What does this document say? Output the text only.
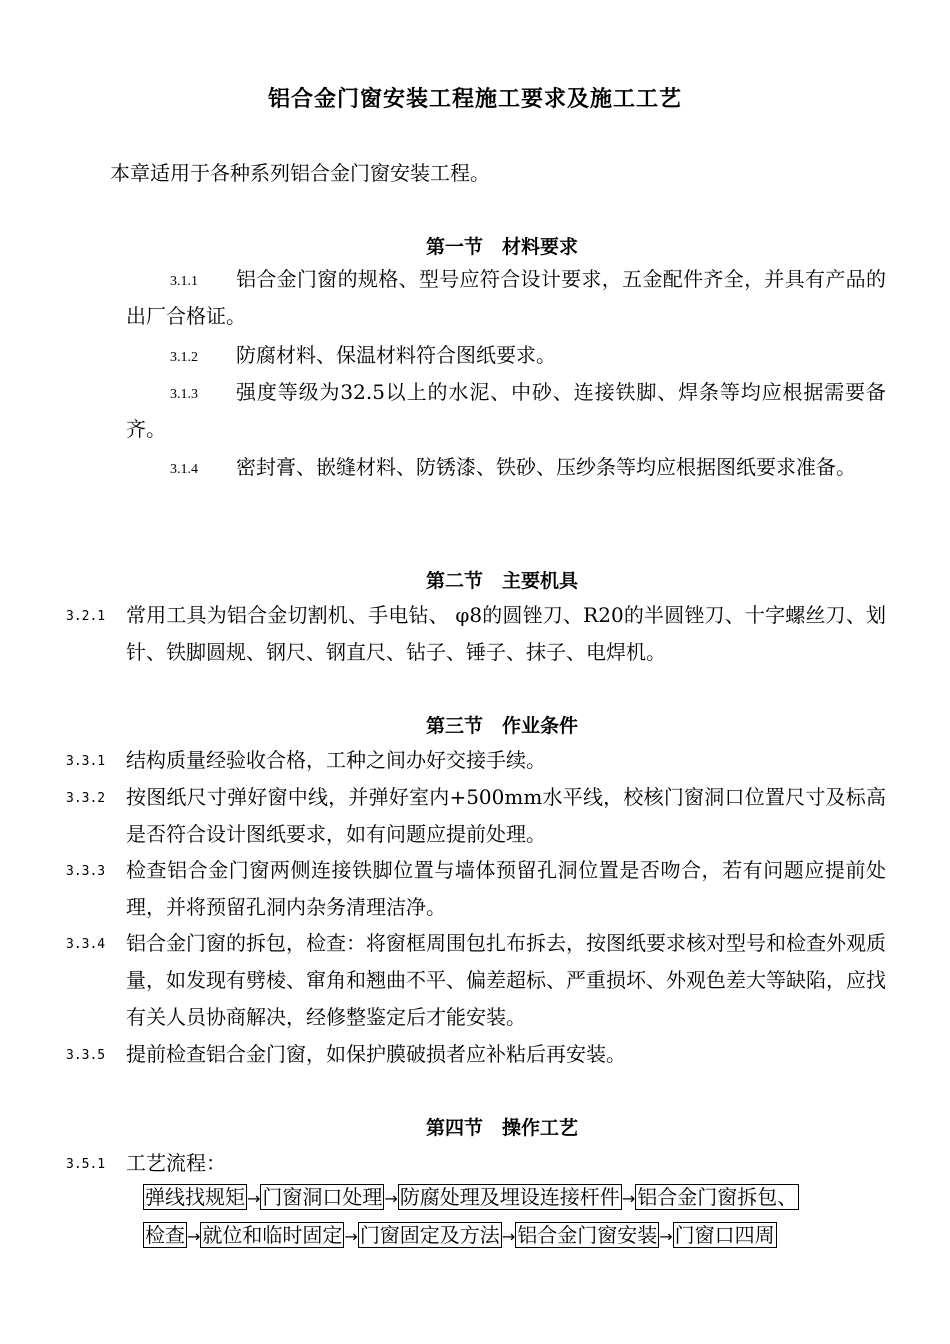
铝合金门窗安装工程施工要求及施工工艺
本章适用于各种系列铝合金门窗安装工程。
第一节　材料要求
3.1.1 铝合金门窗的规格、型号应符合设计要求，五金配件齐全，并具有产品的出厂合格证。
3.1.2 防腐材料、保温材料符合图纸要求。
3.1.3 强度等级为32.5以上的水泥、中砂、连接铁脚、焊条等均应根据需要备齐。
3.1.4 密封膏、嵌缝材料、防锈漆、铁砂、压纱条等均应根据图纸要求准备。
第二节　主要机具
3.2.1 常用工具为铝合金切割机、手电钻、 φ8的圆锉刀、R20的半圆锉刀、十字螺丝刀、划针、铁脚圆规、钢尺、钢直尺、钻子、锤子、抹子、电焊机。
第三节　作业条件
3.3.1 结构质量经验收合格，工种之间办好交接手续。
3.3.2 按图纸尺寸弹好窗中线，并弹好室内+500mm水平线，校核门窗洞口位置尺寸及标高是否符合设计图纸要求，如有问题应提前处理。
3.3.3 检查铝合金门窗两侧连接铁脚位置与墙体预留孔洞位置是否吻合，若有问题应提前处理，并将预留孔洞内杂务清理洁净。
3.3.4 铝合金门窗的拆包，检查：将窗框周围包扎布拆去，按图纸要求核对型号和检查外观质量，如发现有劈棱、窜角和翘曲不平、偏差超标、严重损坏、外观色差大等缺陷，应找有关人员协商解决，经修整鉴定后才能安装。
3.3.5 提前检查铝合金门窗，如保护膜破损者应补粘后再安装。
第四节　操作工艺
3.5.1 工艺流程：
弹线找规矩 → 门窗洞口处理 → 防腐处理及埋设连接杆件 → 铝合金门窗拆包、
检查 → 就位和临时固定 → 门窗固定及方法 → 铝合金门窗安装 → 门窗口四周
